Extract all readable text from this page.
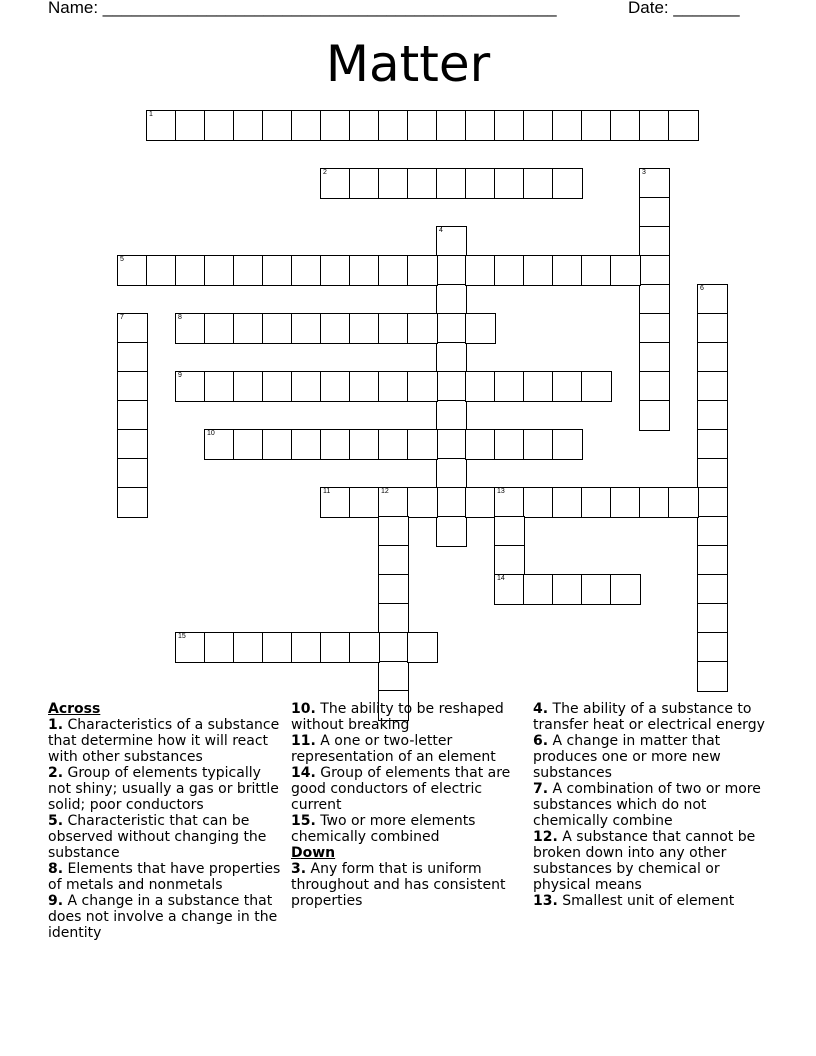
Name: ________________________________________________	Date: _______
Matter
1
2	3
4
5
6
7	8
9
10
11	12	13
14
15
Across
1. Characteristics of a substance that determine how it will react with other substances
2. Group of elements typically not shiny; usually a gas or brittle solid; poor conductors
5. Characteristic that can be observed without changing the substance
8. Elements that have properties of metals and nonmetals
9. A change in a substance that does not involve a change in the identity
10. The ability to be reshaped without breaking
11. A one or two-letter representation of an element
14. Group of elements that are good conductors of electric current
15. Two or more elements chemically combined
Down
3. Any form that is uniform throughout and has consistent properties
4. The ability of a substance to transfer heat or electrical energy
6. A change in matter that produces one or more new substances
7. A combination of two or more substances which do not chemically combine
12. A substance that cannot be broken down into any other substances by chemical or physical means
13. Smallest unit of element
